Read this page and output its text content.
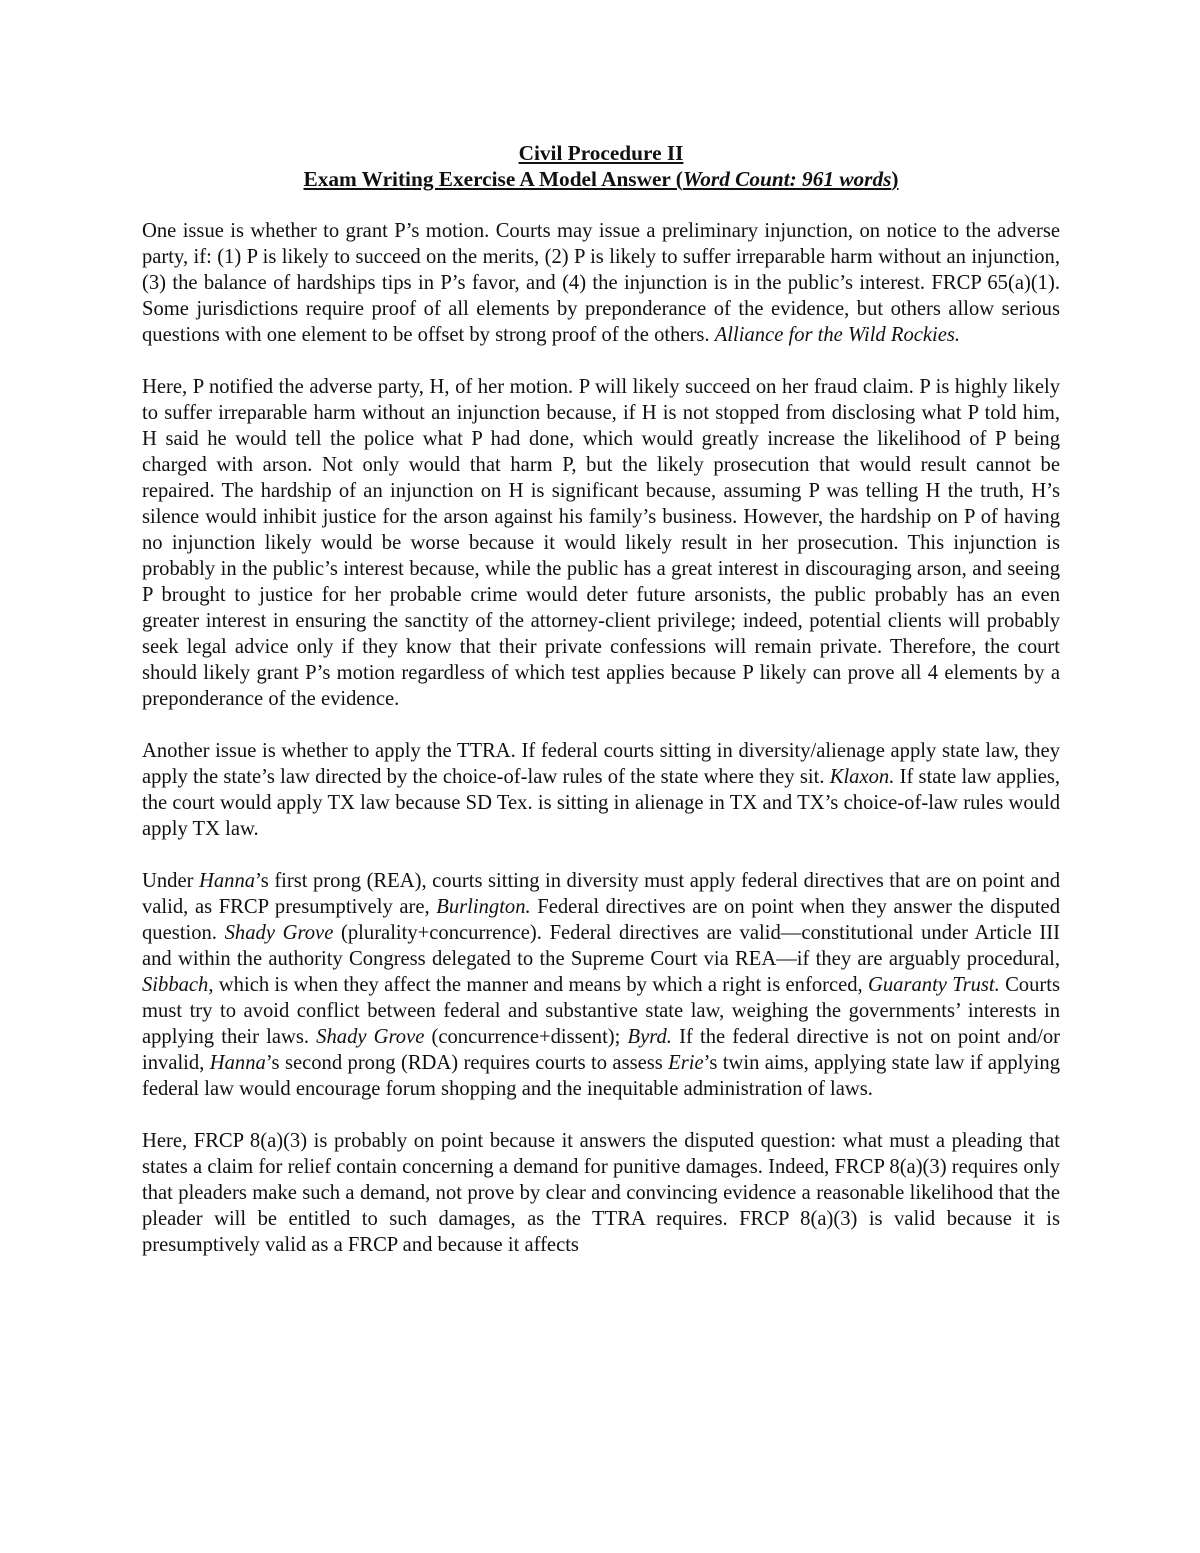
Civil Procedure II
Exam Writing Exercise A Model Answer (Word Count: 961 words)

One issue is whether to grant P’s motion. Courts may issue a preliminary injunction, on notice to the adverse party, if: (1) P is likely to succeed on the merits, (2) P is likely to suffer irreparable harm without an injunction, (3) the balance of hardships tips in P’s favor, and (4) the injunction is in the public’s interest. FRCP 65(a)(1). Some jurisdictions require proof of all elements by preponderance of the evidence, but others allow serious questions with one element to be offset by strong proof of the others. Alliance for the Wild Rockies.

Here, P notified the adverse party, H, of her motion. P will likely succeed on her fraud claim. P is highly likely to suffer irreparable harm without an injunction because, if H is not stopped from disclosing what P told him, H said he would tell the police what P had done, which would greatly increase the likelihood of P being charged with arson. Not only would that harm P, but the likely prosecution that would result cannot be repaired. The hardship of an injunction on H is significant because, assuming P was telling H the truth, H’s silence would inhibit justice for the arson against his family’s business. However, the hardship on P of having no injunction likely would be worse because it would likely result in her prosecution. This injunction is probably in the public’s interest because, while the public has a great interest in discouraging arson, and seeing P brought to justice for her probable crime would deter future arsonists, the public probably has an even greater interest in ensuring the sanctity of the attorney-client privilege; indeed, potential clients will probably seek legal advice only if they know that their private confessions will remain private. Therefore, the court should likely grant P’s motion regardless of which test applies because P likely can prove all 4 elements by a preponderance of the evidence.

Another issue is whether to apply the TTRA. If federal courts sitting in diversity/alienage apply state law, they apply the state’s law directed by the choice-of-law rules of the state where they sit. Klaxon. If state law applies, the court would apply TX law because SD Tex. is sitting in alienage in TX and TX’s choice-of-law rules would apply TX law.

Under Hanna’s first prong (REA), courts sitting in diversity must apply federal directives that are on point and valid, as FRCP presumptively are, Burlington. Federal directives are on point when they answer the disputed question. Shady Grove (plurality+concurrence). Federal directives are valid—constitutional under Article III and within the authority Congress delegated to the Supreme Court via REA—if they are arguably procedural, Sibbach, which is when they affect the manner and means by which a right is enforced, Guaranty Trust. Courts must try to avoid conflict between federal and substantive state law, weighing the governments’ interests in applying their laws. Shady Grove (concurrence+dissent); Byrd. If the federal directive is not on point and/or invalid, Hanna’s second prong (RDA) requires courts to assess Erie’s twin aims, applying state law if applying federal law would encourage forum shopping and the inequitable administration of laws.

Here, FRCP 8(a)(3) is probably on point because it answers the disputed question: what must a pleading that states a claim for relief contain concerning a demand for punitive damages. Indeed, FRCP 8(a)(3) requires only that pleaders make such a demand, not prove by clear and convincing evidence a reasonable likelihood that the pleader will be entitled to such damages, as the TTRA requires. FRCP 8(a)(3) is valid because it is presumptively valid as a FRCP and because it affects
